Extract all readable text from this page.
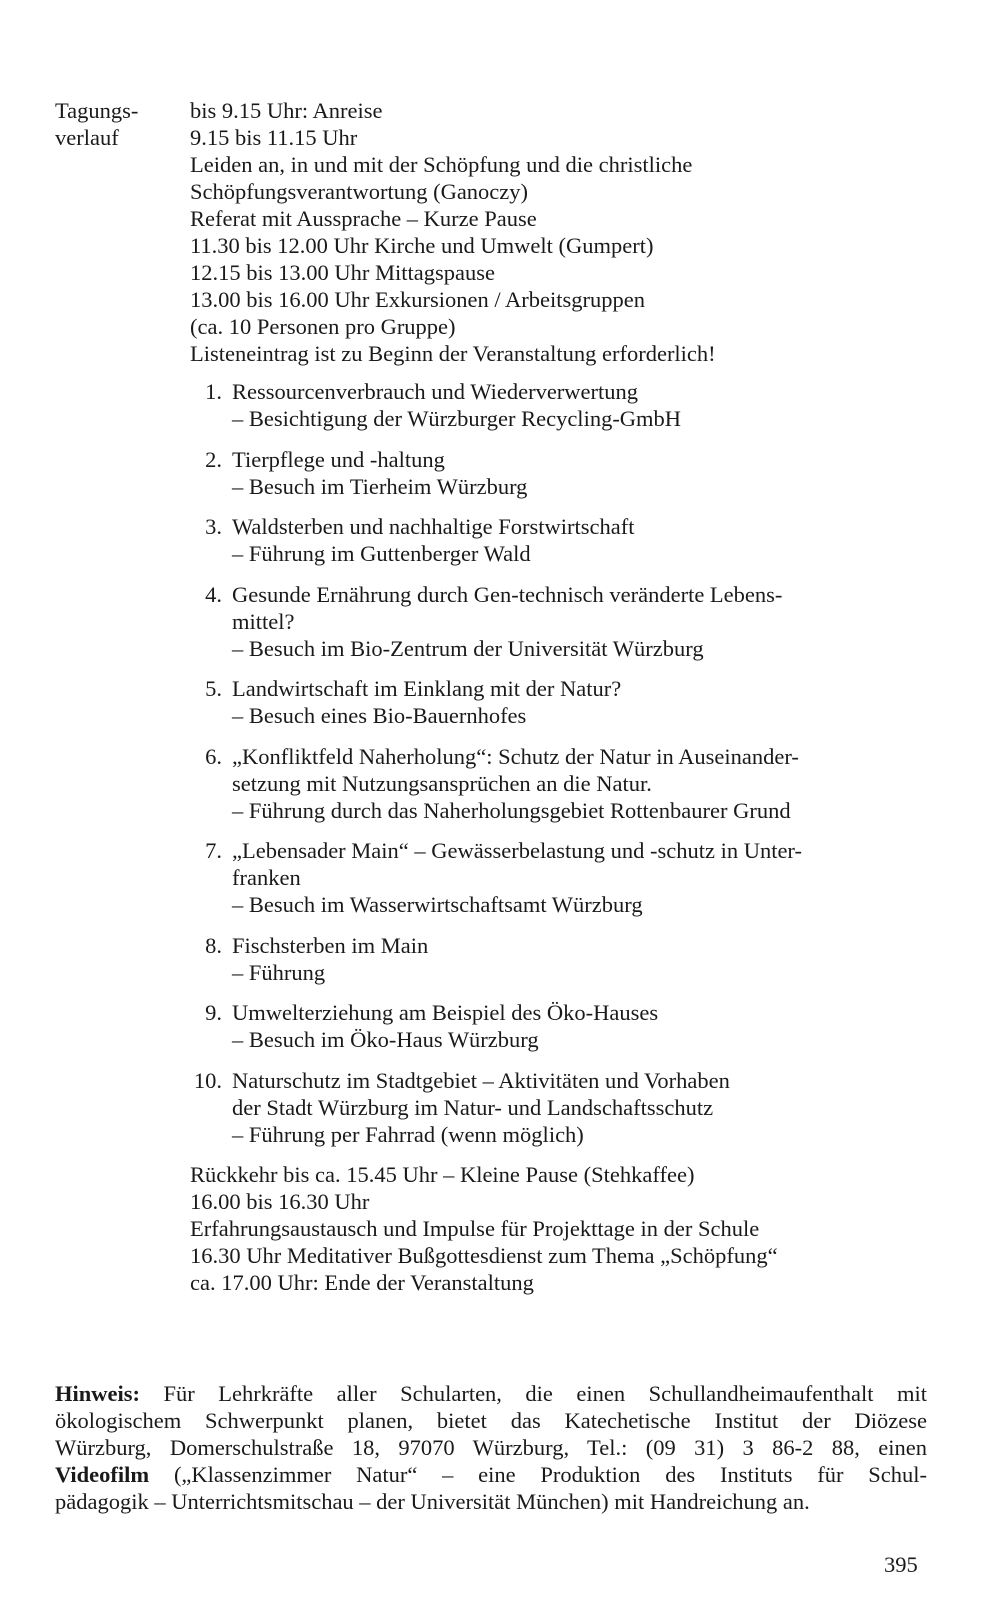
Tagungs-
verlauf
bis 9.15 Uhr: Anreise
9.15 bis 11.15 Uhr
Leiden an, in und mit der Schöpfung und die christliche
Schöpfungsverantwortung (Ganoczy)
Referat mit Aussprache – Kurze Pause
11.30 bis 12.00 Uhr Kirche und Umwelt (Gumpert)
12.15 bis 13.00 Uhr Mittagspause
13.00 bis 16.00 Uhr Exkursionen / Arbeitsgruppen
(ca. 10 Personen pro Gruppe)
Listeneintrag ist zu Beginn der Veranstaltung erforderlich!
1. Ressourcenverbrauch und Wiederverwertung
– Besichtigung der Würzburger Recycling-GmbH
2. Tierpflege und -haltung
– Besuch im Tierheim Würzburg
3. Waldsterben und nachhaltige Forstwirtschaft
– Führung im Guttenberger Wald
4. Gesunde Ernährung durch Gen-technisch veränderte Lebens-
mittel?
– Besuch im Bio-Zentrum der Universität Würzburg
5. Landwirtschaft im Einklang mit der Natur?
– Besuch eines Bio-Bauernhofes
6. „Konfliktfeld Naherholung“: Schutz der Natur in Auseinander-
setzung mit Nutzungsansprüchen an die Natur.
– Führung durch das Naherholungsgebiet Rottenbaurer Grund
7. „Lebensader Main“ – Gewässerbelastung und -schutz in Unter-
franken
– Besuch im Wasserwirtschaftsamt Würzburg
8. Fischsterben im Main
– Führung
9. Umwelterziehung am Beispiel des Öko-Hauses
– Besuch im Öko-Haus Würzburg
10. Naturschutz im Stadtgebiet – Aktivitäten und Vorhaben
der Stadt Würzburg im Natur- und Landschaftsschutz
– Führung per Fahrrad (wenn möglich)
Rückkehr bis ca. 15.45 Uhr – Kleine Pause (Stehkaffee)
16.00 bis 16.30 Uhr
Erfahrungsaustausch und Impulse für Projekttage in der Schule
16.30 Uhr Meditativer Bußgottesdienst zum Thema „Schöpfung“
ca. 17.00 Uhr: Ende der Veranstaltung
Hinweis: Für Lehrkräfte aller Schularten, die einen Schullandheimaufenthalt mit
ökologischem Schwerpunkt planen, bietet das Katechetische Institut der Diözese
Würzburg, Domerschulstraße 18, 97070 Würzburg, Tel.: (09 31) 3 86-2 88, einen
Videofilm („Klassenzimmer Natur“ – eine Produktion des Instituts für Schul-
pädagogik – Unterrichtsmitschau – der Universität München) mit Handreichung an.
395
